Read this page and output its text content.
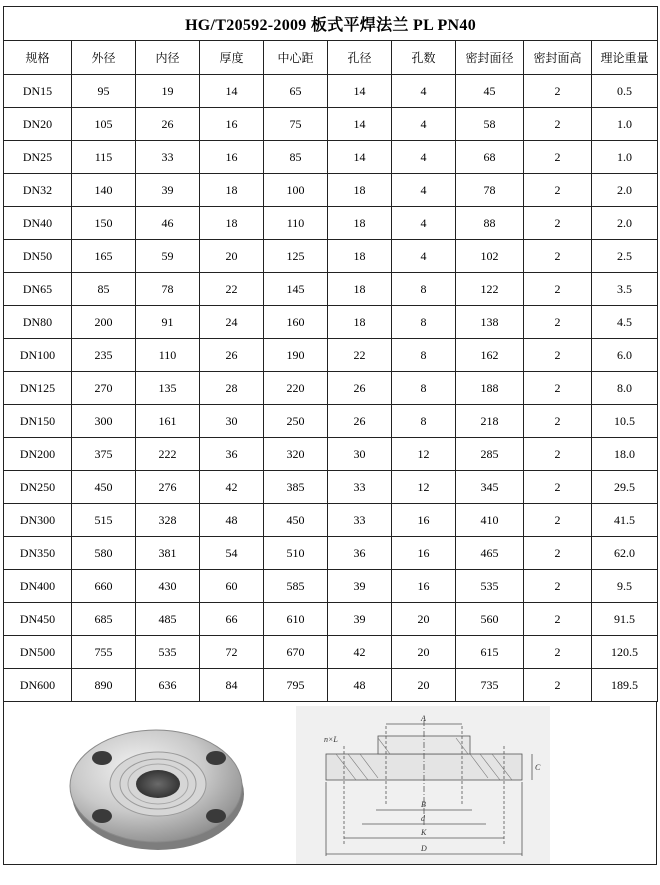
HG/T20592-2009 板式平焊法兰 PL PN40									
规格	外径	内径	厚度	中心距	孔径	孔数	密封面径	密封面高	理论重量
DN15	95	19	14	65	14	4	45	2	0.5
DN20	105	26	16	75	14	4	58	2	1.0
DN25	115	33	16	85	14	4	68	2	1.0
DN32	140	39	18	100	18	4	78	2	2.0
DN40	150	46	18	110	18	4	88	2	2.0
DN50	165	59	20	125	18	4	102	2	2.5
DN65	85	78	22	145	18	8	122	2	3.5
DN80	200	91	24	160	18	8	138	2	4.5
DN100	235	110	26	190	22	8	162	2	6.0
DN125	270	135	28	220	26	8	188	2	8.0
DN150	300	161	30	250	26	8	218	2	10.5
DN200	375	222	36	320	30	12	285	2	18.0
DN250	450	276	42	385	33	12	345	2	29.5
DN300	515	328	48	450	33	16	410	2	41.5
DN350	580	381	54	510	36	16	465	2	62.0
DN400	660	430	60	585	39	16	535	2	9.5
DN450	685	485	66	610	39	20	560	2	91.5
DN500	755	535	72	670	42	20	615	2	120.5
DN600	890	636	84	795	48	20	735	2	189.5
A
n×L
C
B
d
K
D
